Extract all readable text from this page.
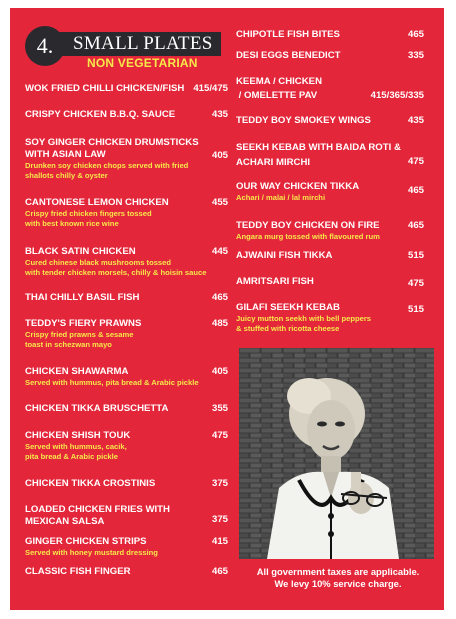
4.	SMALL PLATES
NON VEGETARIAN
WOK FRIED CHILLI CHICKEN/FISH 415/475
CRISPY CHICKEN B.B.Q. SAUCE	435
SOY GINGER CHICKEN DRUMSTICKS
WITH ASIAN LAW
Drunken soy chicken chops served with fried
shallots chilly & oyster
405
CANTONESE LEMON CHICKEN
Crispy fried chicken fingers tossed
with best known rice wine
455
BLACK SATIN CHICKEN
Cured chinese black mushrooms tossed
with tender chicken morsels, chilly & hoisin sauce
445
THAI CHILLY BASIL FISH	465
TEDDY'S FIERY PRAWNS
Crispy fried prawns & sesame
toast in schezwan mayo
485
CHICKEN SHAWARMA
Served with hummus, pita bread & Arabic pickle
405
CHICKEN TIKKA BRUSCHETTA	355
CHICKEN SHISH TOUK
Served with hummus, cacik,
pita bread & Arabic pickle
475
CHICKEN TIKKA CROSTINIS	375
LOADED CHICKEN FRIES WITH
MEXICAN SALSA	375
GINGER CHICKEN STRIPS
Served with honey mustard dressing
415
CLASSIC FISH FINGER	465
CHIPOTLE FISH BITES	465
DESI EGGS BENEDICT	335
KEEMA / CHICKEN
/ OMELETTE PAV	415/365/335
TEDDY BOY SMOKEY WINGS	435
SEEKH KEBAB WITH BAIDA ROTI &
ACHARI MIRCHI	475
OUR WAY CHICKEN TIKKA
Achari / malai / lal mirchi
465
TEDDY BOY CHICKEN ON FIRE
Angara murg tossed with flavoured rum
465
AJWAINI FISH TIKKA	515
AMRITSARI FISH	475
GILAFI SEEKH KEBAB
Juicy mutton seekh with bell peppers
& stuffed with ricotta cheese
515
All government taxes are applicable.
We levy 10% service charge.
